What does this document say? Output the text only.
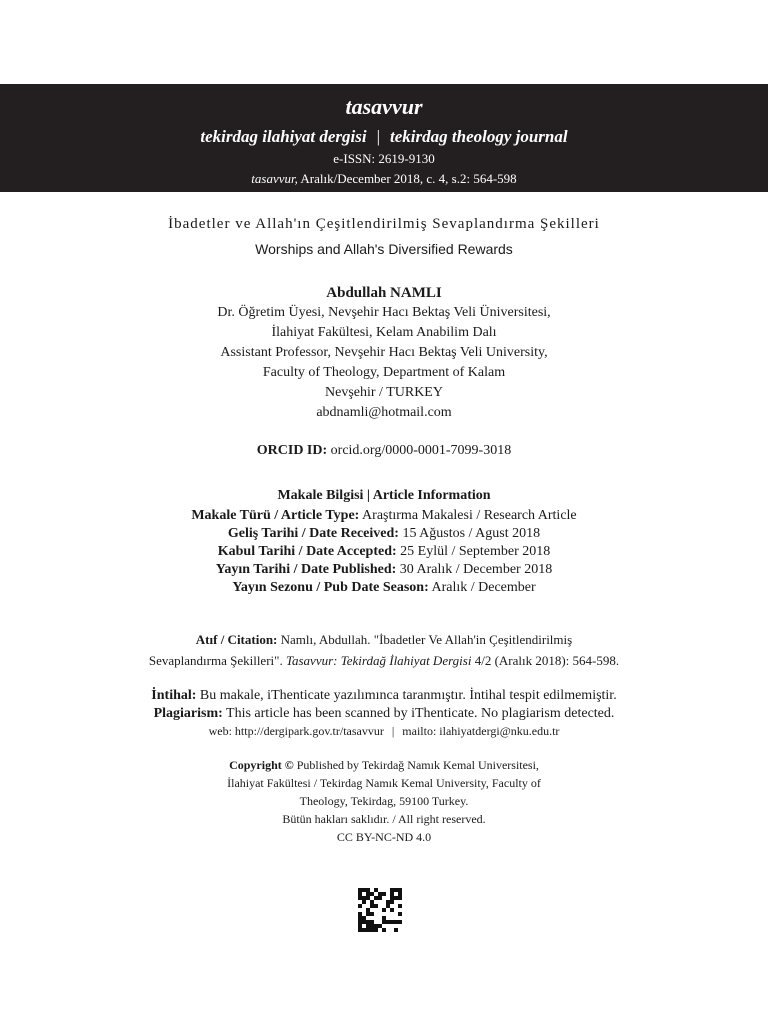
tasavvur
tekirdag ilahiyat dergisi | tekirdag theology journal
e-ISSN: 2619-9130
tasavvur, Aralık/December 2018, c. 4, s.2: 564-598
İbadetler ve Allah'ın Çeşitlendirilmiş Sevaplandırma Şekilleri
Worships and Allah's Diversified Rewards
Abdullah NAMLI
Dr. Öğretim Üyesi, Nevşehir Hacı Bektaş Veli Üniversitesi,
İlahiyat Fakültesi, Kelam Anabilim Dalı
Assistant Professor, Nevşehir Hacı Bektaş Veli University,
Faculty of Theology, Department of Kalam
Nevşehir / TURKEY
abdnamli@hotmail.com
ORCID ID: orcid.org/0000-0001-7099-3018
Makale Bilgisi | Article Information
Makale Türü / Article Type: Araştırma Makalesi / Research Article
Geliş Tarihi / Date Received: 15 Ağustos / Agust 2018
Kabul Tarihi / Date Accepted: 25 Eylül / September 2018
Yayın Tarihi / Date Published: 30 Aralık / December 2018
Yayın Sezonu / Pub Date Season: Aralık / December
Atıf / Citation: Namlı, Abdullah. "İbadetler Ve Allah'in Çeşitlendirilmiş
Sevaplandırma Şekilleri". Tasavvur: Tekirdağ İlahiyat Dergisi 4/2 (Aralık 2018): 564-598.
İntihal: Bu makale, iThenticate yazılımınca taranmıştır. İntihal tespit edilmemiştir.
Plagiarism: This article has been scanned by iThenticate. No plagiarism detected.
web: http://dergipark.gov.tr/tasavvur | mailto: ilahiyatdergi@nku.edu.tr
Copyright © Published by Tekirdağ Namık Kemal Universitesi,
İlahiyat Fakültesi / Tekirdag Namık Kemal University, Faculty of
Theology, Tekirdag, 59100 Turkey.
Bütün hakları saklıdır. / All right reserved.
CC BY-NC-ND 4.0
